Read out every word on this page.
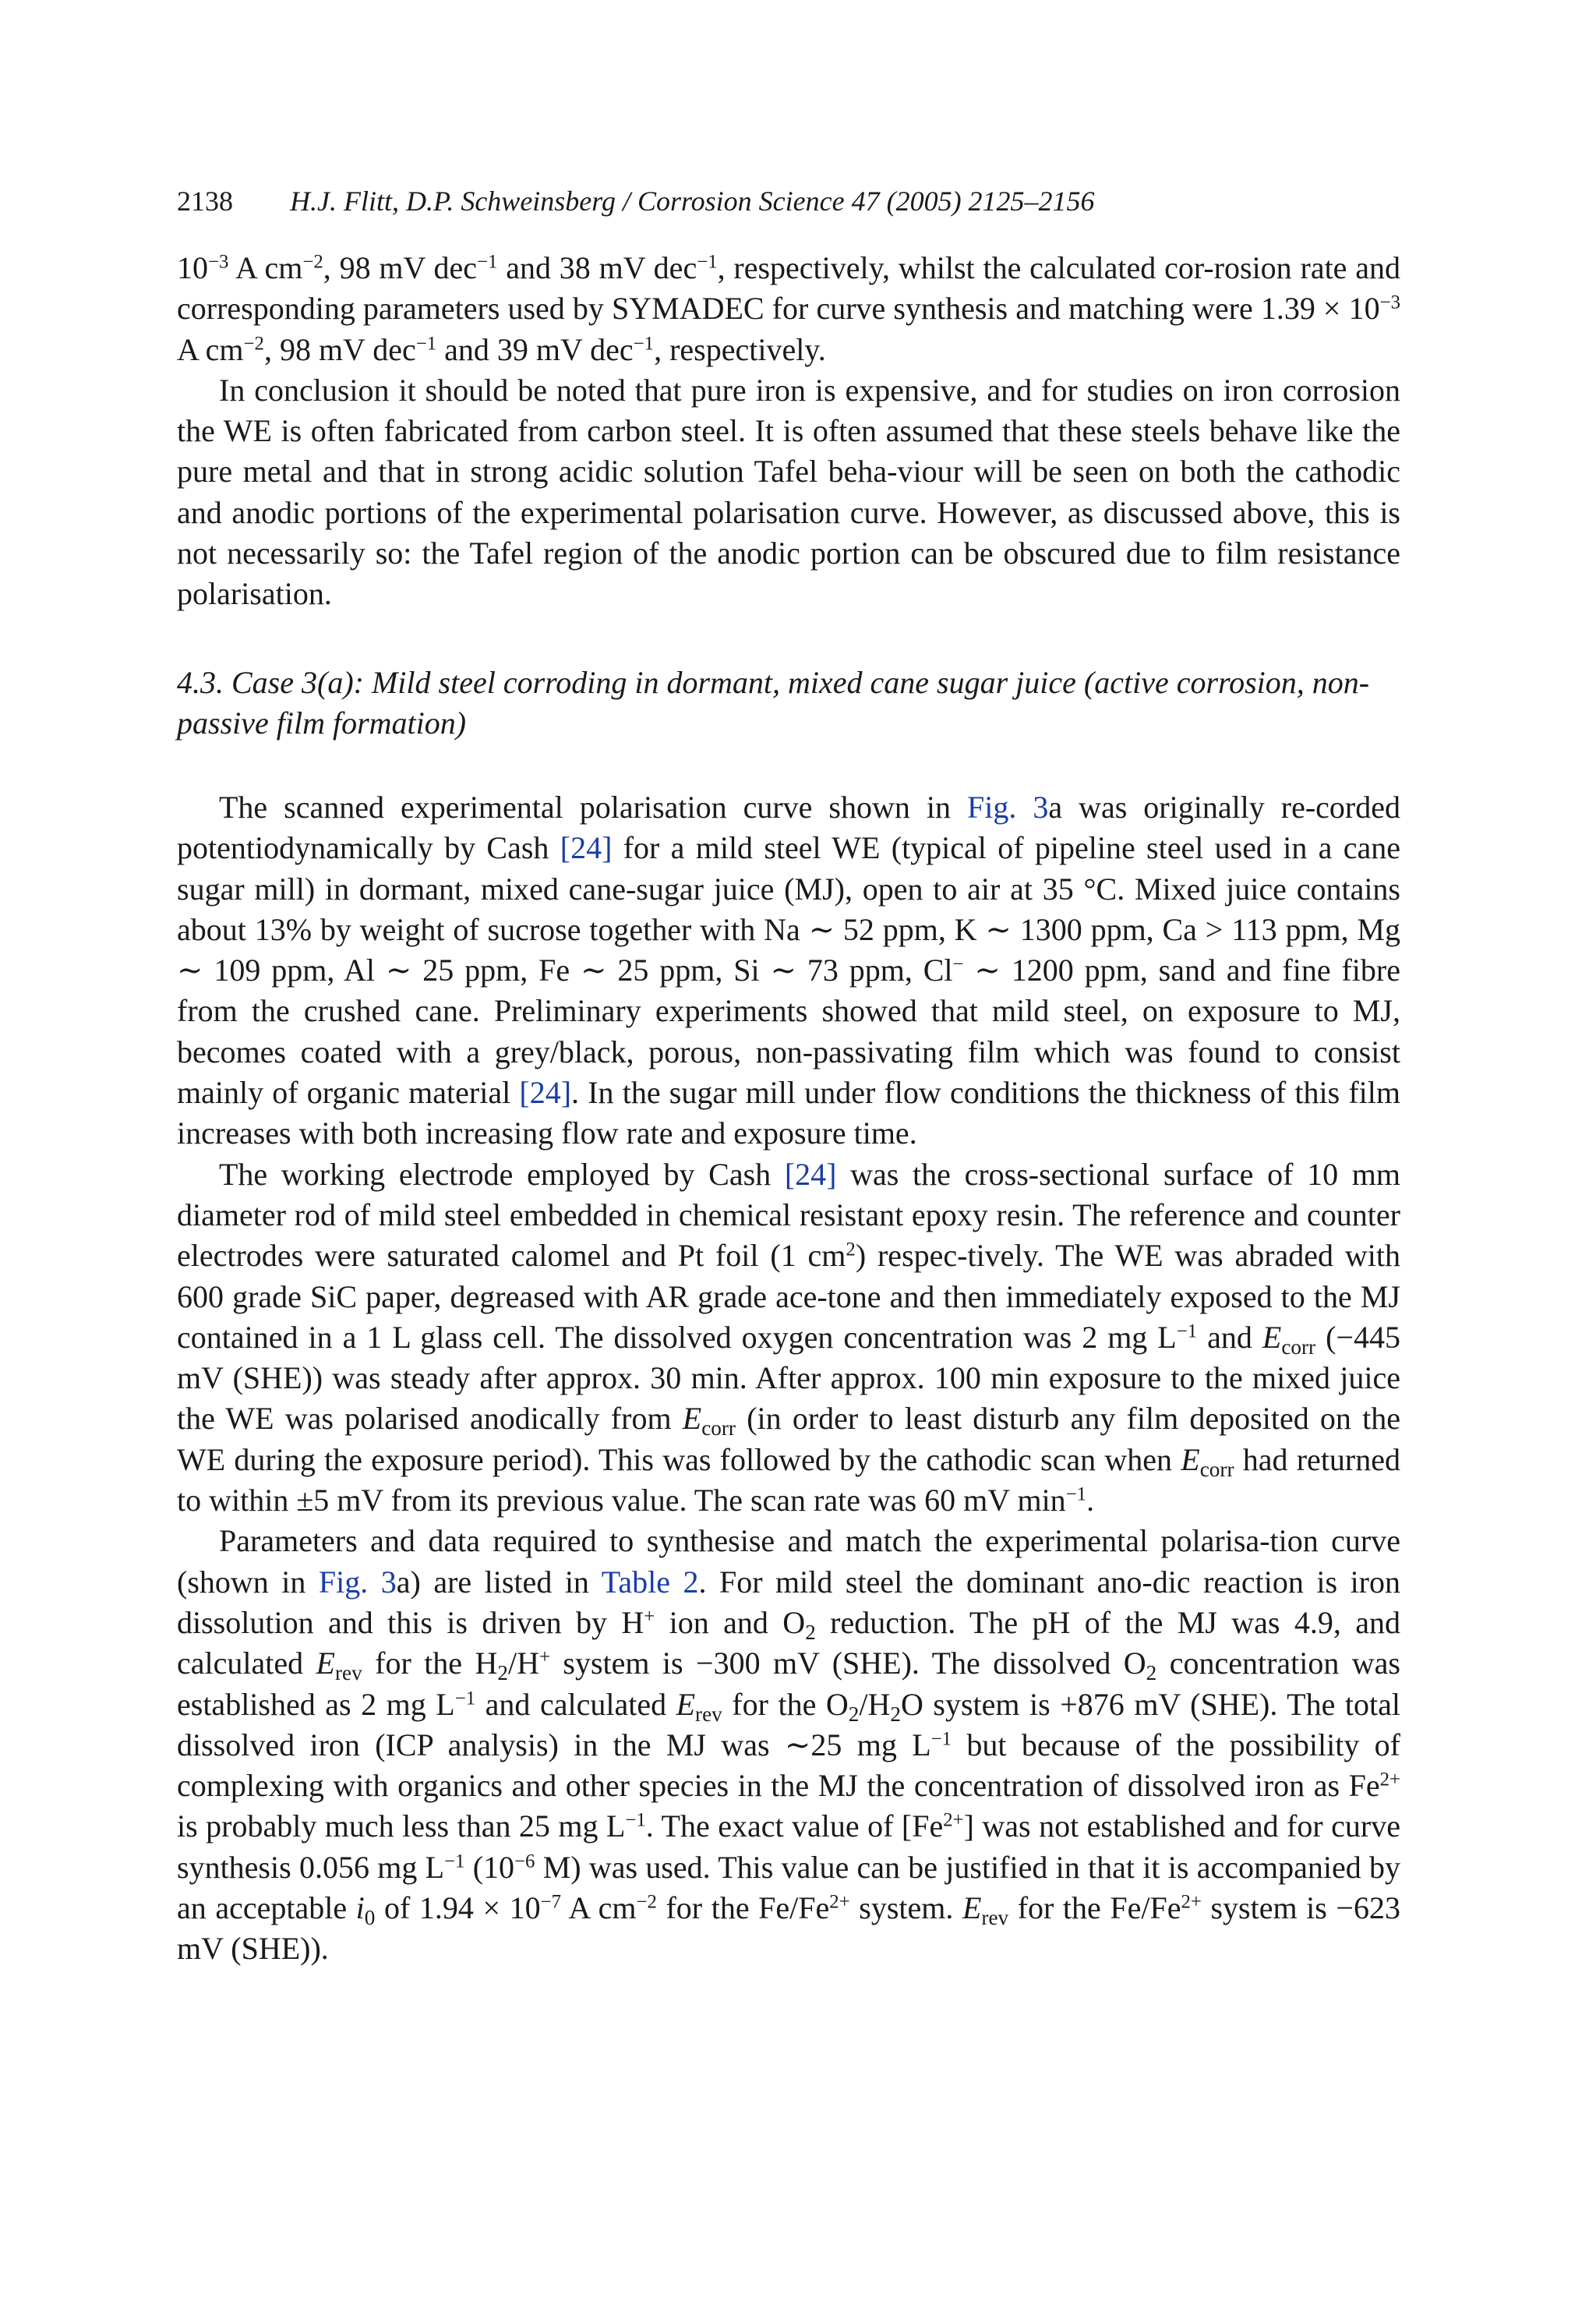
2138 H.J. Flitt, D.P. Schweinsberg / Corrosion Science 47 (2005) 2125–2156

$10^{-3}$ A $cm^{-2}$, 98 mV dec$^{-1}$ and 38 mV dec$^{-1}$, respectively, whilst the calculated cor-rosion rate and corresponding parameters used by SYMADEC for curve synthesis and matching were $1.39 \times 10^{-3}$ A $cm^{-2}$, 98 mV dec$^{-1}$ and 39 mV dec$^{-1}$, respectively.

In conclusion it should be noted that pure iron is expensive, and for studies on iron corrosion the WE is often fabricated from carbon steel. It is often assumed that these steels behave like the pure metal and that in strong acidic solution Tafel beha-viour will be seen on both the cathodic and anodic portions of the experimental polarisation curve. However, as discussed above, this is not necessarily so: the Tafel region of the anodic portion can be obscured due to film resistance polarisation.

4.3. Case 3(a): Mild steel corroding in dormant, mixed cane sugar juice (active corrosion, non-passive film formation)

The scanned experimental polarisation curve shown in Fig. 3a was originally re-corded potentiodynamically by Cash [24] for a mild steel WE (typical of pipeline steel used in a cane sugar mill) in dormant, mixed cane-sugar juice (MJ), open to air at 35 °C. Mixed juice contains about 13% by weight of sucrose together with Na ∼ 52 ppm, K ∼ 1300 ppm, Ca > 113 ppm, Mg ∼ 109 ppm, Al ∼ 25 ppm, Fe ∼ 25 ppm, Si ∼ 73 ppm, Cl− ∼ 1200 ppm, sand and fine fibre from the crushed cane. Preliminary experiments showed that mild steel, on exposure to MJ, becomes coated with a grey/black, porous, non-passivating film which was found to consist mainly of organic material [24]. In the sugar mill under flow conditions the thickness of this film increases with both increasing flow rate and exposure time.

The working electrode employed by Cash [24] was the cross-sectional surface of 10 mm diameter rod of mild steel embedded in chemical resistant epoxy resin. The reference and counter electrodes were saturated calomel and Pt foil (1 $cm^2$) respec-tively. The WE was abraded with 600 grade SiC paper, degreased with AR grade ace-tone and then immediately exposed to the MJ contained in a 1 L glass cell. The dissolved oxygen concentration was 2 mg $L^{-1}$ and $E_{corr}$ (−445 mV (SHE)) was steady after approx. 30 min. After approx. 100 min exposure to the mixed juice the WE was polarised anodically from $E_{corr}$ (in order to least disturb any film deposited on the WE during the exposure period). This was followed by the cathodic scan when $E_{corr}$ had returned to within ±5 mV from its previous value. The scan rate was 60 mV $\min^{-1}$.

Parameters and data required to synthesise and match the experimental polarisa-tion curve (shown in Fig. 3a) are listed in Table 2. For mild steel the dominant ano-dic reaction is iron dissolution and this is driven by H+ ion and $O_2$ reduction. The pH of the MJ was 4.9, and calculated $E_{rev}$ for the $H_2/H^+$ system is −300 mV (SHE). The dissolved $O_2$ concentration was established as 2 mg $L^{-1}$ and calculated $E_{rev}$ for the $O_2/H_2O$ system is +876 mV (SHE). The total dissolved iron (ICP analysis) in the MJ was ∼25 mg $L^{-1}$ but because of the possibility of complexing with organics and other species in the MJ the concentration of dissolved iron as $Fe^{2+}$ is probably much less than 25 mg $L^{-1}$. The exact value of $[Fe^{2+}]$ was not established and for curve synthesis 0.056 mg $L^{-1}$ ($10^{-6}$ M) was used. This value can be justified in that it is accompanied by an acceptable $i_0$ of $1.94 \times 10^{-7}$ A $cm^{-2}$ for the $Fe/Fe^{2+}$ system. $E_{rev}$ for the $Fe/Fe^{2+}$ system is −623 mV (SHE)).
